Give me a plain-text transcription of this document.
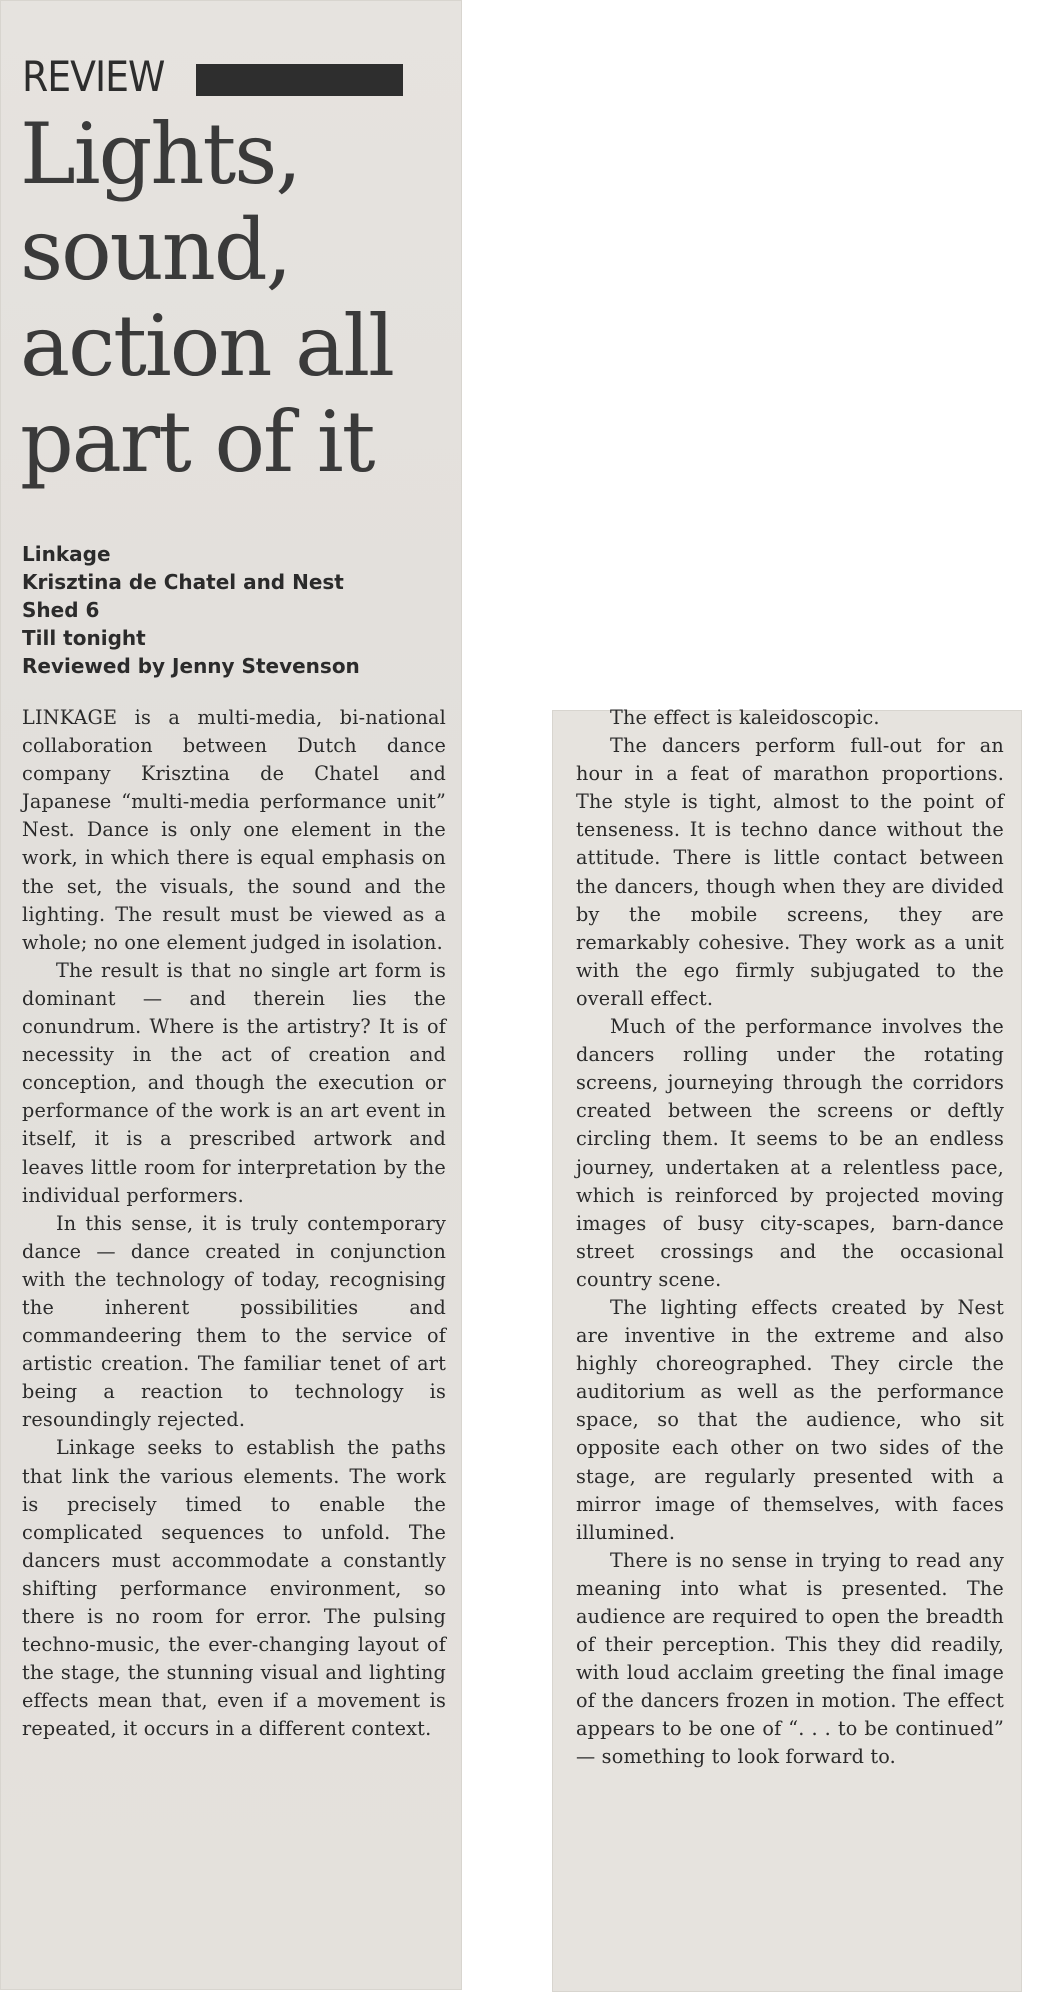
REVIEW
Lights,
sound,
action all
part of it
Linkage
Krisztina de Chatel and Nest
Shed 6
Till tonight
Reviewed by Jenny Stevenson

LINKAGE is a multi-media, bi-national collaboration between Dutch dance company Krisztina de Chatel and Japanese “multi-media performance unit” Nest. Dance is only one element in the work, in which there is equal emphasis on the set, the visuals, the sound and the lighting. The result must be viewed as a whole; no one element judged in isolation.

The result is that no single art form is dominant — and therein lies the conundrum. Where is the artistry? It is of necessity in the act of creation and conception, and though the execution or performance of the work is an art event in itself, it is a prescribed artwork and leaves little room for interpretation by the individual performers.

In this sense, it is truly contemporary dance — dance created in conjunction with the technology of today, recognising the inherent possibilities and commandeering them to the service of artistic creation. The familiar tenet of art being a reaction to technology is resoundingly rejected.

Linkage seeks to establish the paths that link the various elements. The work is precisely timed to enable the complicated sequences to unfold. The dancers must accommodate a constantly shifting performance environment, so there is no room for error. The pulsing techno-music, the ever-changing layout of the stage, the stunning visual and lighting effects mean that, even if a movement is repeated, it occurs in a different context.

The effect is kaleidoscopic.

The dancers perform full-out for an hour in a feat of marathon proportions. The style is tight, almost to the point of tenseness. It is techno dance without the attitude. There is little contact between the dancers, though when they are divided by the mobile screens, they are remarkably cohesive. They work as a unit with the ego firmly subjugated to the overall effect.

Much of the performance involves the dancers rolling under the rotating screens, journeying through the corridors created between the screens or deftly circling them. It seems to be an endless journey, undertaken at a relentless pace, which is reinforced by projected moving images of busy city-scapes, barn-dance street crossings and the occasional country scene.

The lighting effects created by Nest are inventive in the extreme and also highly choreographed. They circle the auditorium as well as the performance space, so that the audience, who sit opposite each other on two sides of the stage, are regularly presented with a mirror image of themselves, with faces illumined.

There is no sense in trying to read any meaning into what is presented. The audience are required to open the breadth of their perception. This they did readily, with loud acclaim greeting the final image of the dancers frozen in motion. The effect appears to be one of “. . . to be continued” — something to look forward to.
